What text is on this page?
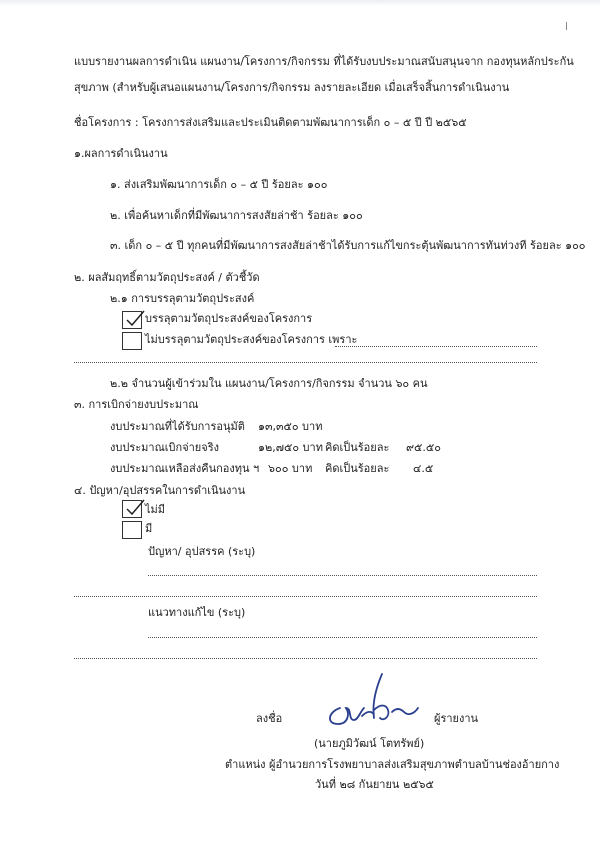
แบบรายงานผลการดำเนิน แผนงาน/โครงการ/กิจกรรม ที่ได้รับงบประมาณสนับสนุนจาก กองทุนหลักประกัน
สุขภาพ (สำหรับผู้เสนอแผนงาน/โครงการ/กิจกรรม ลงรายละเอียด เมื่อเสร็จสิ้นการดำเนินงาน
ชื่อโครงการ : โครงการส่งเสริมและประเมินติดตามพัฒนาการเด็ก ๐ – ๕ ปี ปี ๒๕๖๕
๑.ผลการดำเนินงาน
๑. ส่งเสริมพัฒนาการเด็ก ๐ – ๕ ปี ร้อยละ ๑๐๐
๒. เพื่อค้นหาเด็กที่มีพัฒนาการสงสัยล่าช้า ร้อยละ ๑๐๐
๓. เด็ก ๐ – ๕ ปี ทุกคนที่มีพัฒนาการสงสัยล่าช้าได้รับการแก้ไขกระตุ้นพัฒนาการทันท่วงที ร้อยละ ๑๐๐
๒. ผลสัมฤทธิ์ตามวัตถุประสงค์ / ตัวชี้วัด
๒.๑ การบรรลุตามวัตถุประสงค์
บรรลุตามวัตถุประสงค์ของโครงการ
ไม่บรรลุตามวัตถุประสงค์ของโครงการ เพราะ
๒.๒ จำนวนผู้เข้าร่วมใน แผนงาน/โครงการ/กิจกรรม จำนวน ๖๐ คน
๓. การเบิกจ่ายงบประมาณ
งบประมาณที่ได้รับการอนุมัติ ๑๓,๓๕๐ บาท
งบประมาณเบิกจ่ายจริง	๑๒,๗๕๐ บาท คิดเป็นร้อยละ ๙๕.๕๐
งบประมาณเหลือส่งคืนกองทุน ฯ ๖๐๐ บาท คิดเป็นร้อยละ ๔.๕
๔. ปัญหา/อุปสรรคในการดำเนินงาน
ไม่มี
มี
ปัญหา/ อุปสรรค (ระบุ)
แนวทางแก้ไข (ระบุ)
ลงชื่อ	ผู้รายงาน
(นายภูมิวัฒน์ โตทรัพย์)
ตำแหน่ง ผู้อำนวยการโรงพยาบาลส่งเสริมสุขภาพตำบลบ้านช่องอ้ายกาง
วันที่ ๒๘ กันยายน ๒๕๖๕
